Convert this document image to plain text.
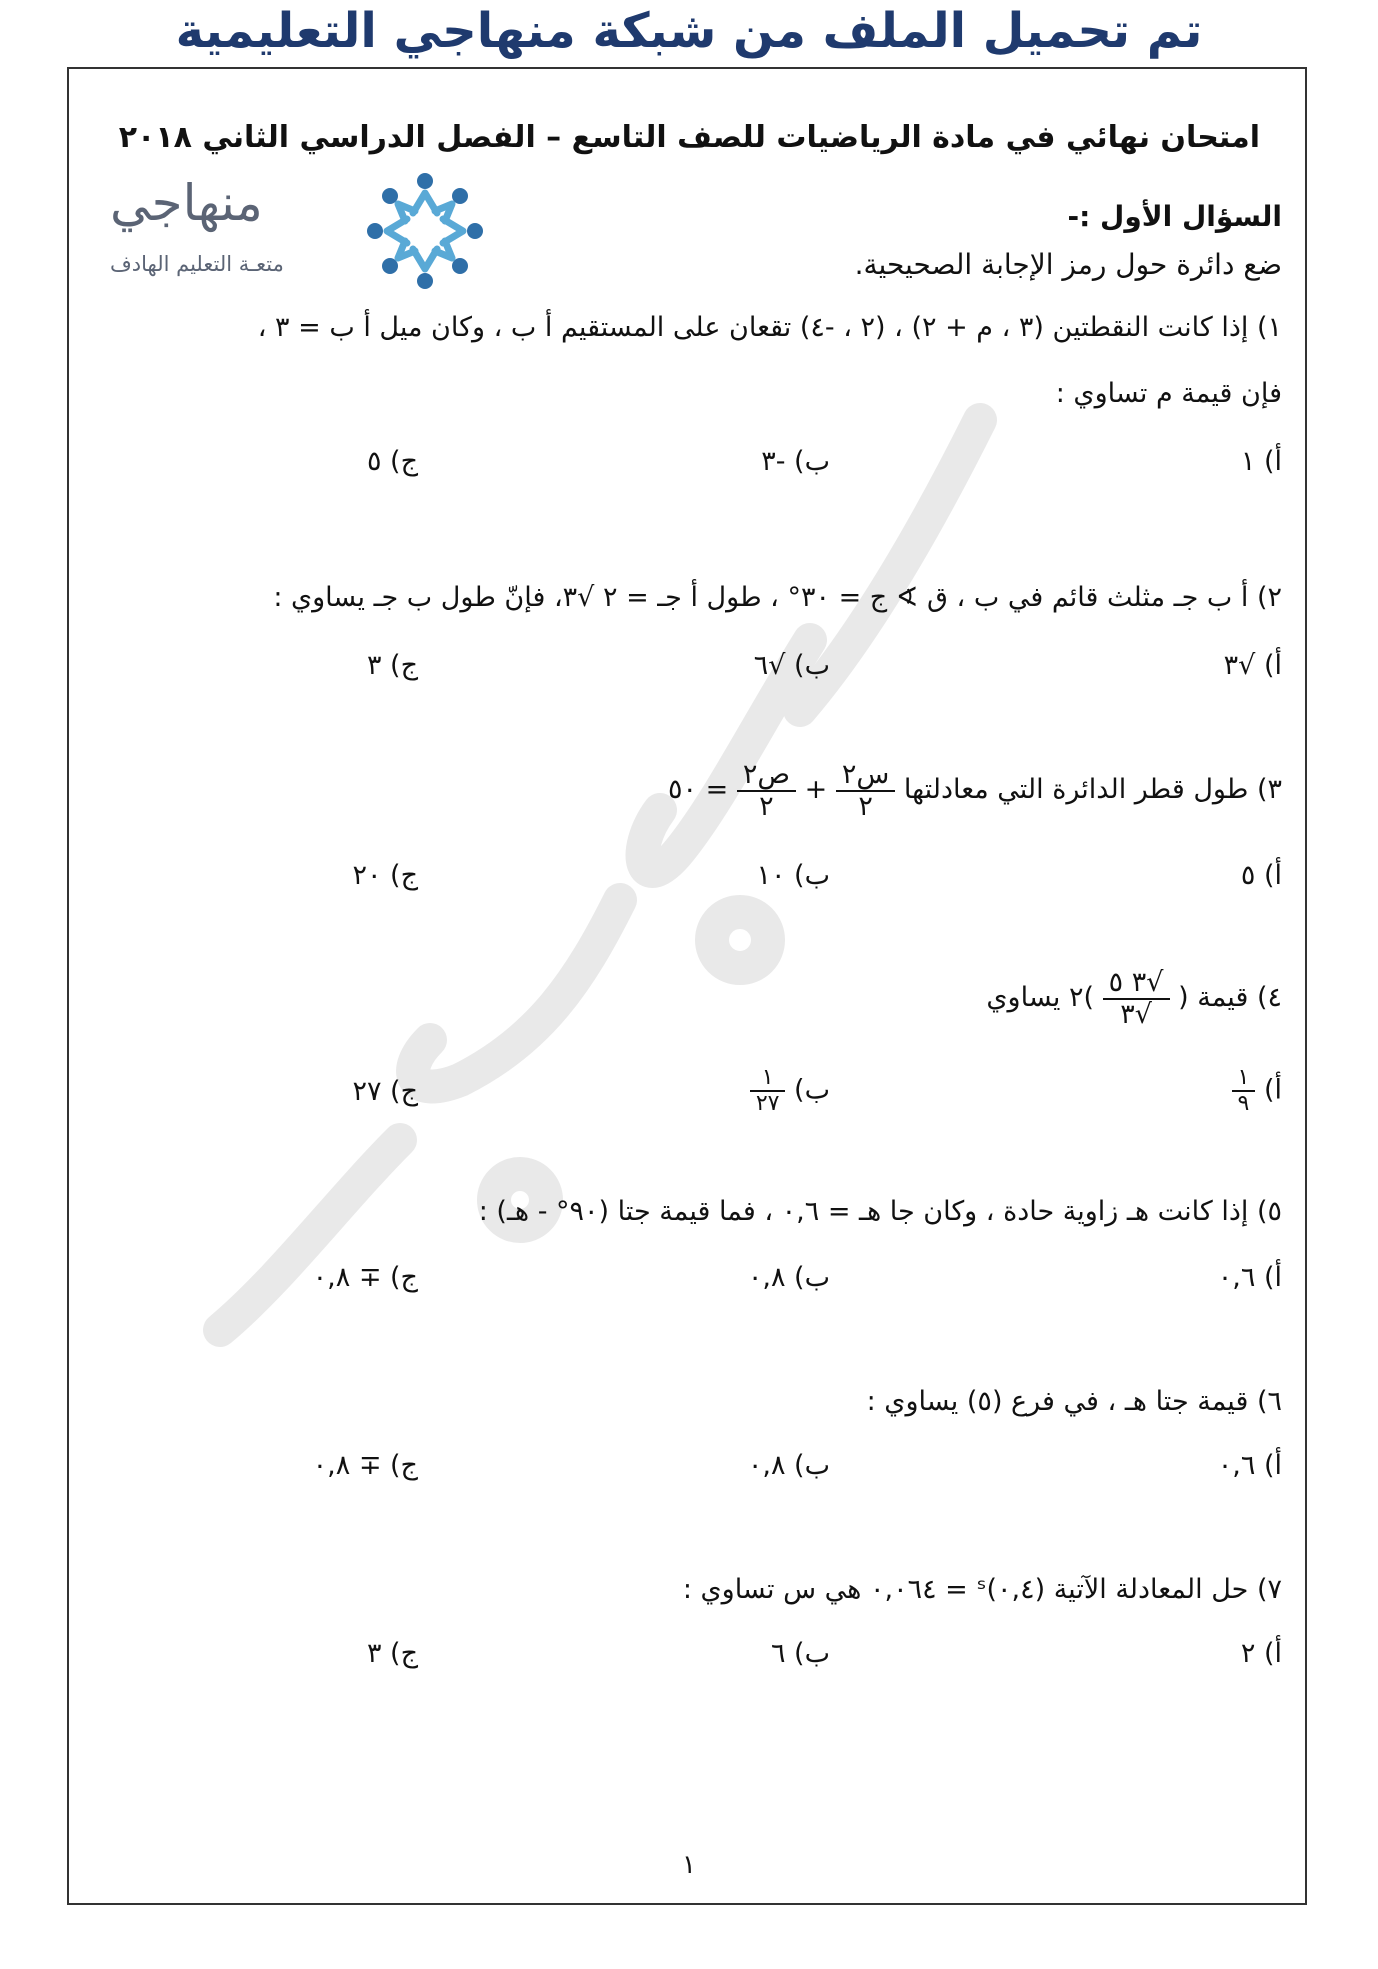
تم تحميل الملف من شبكة منهاجي التعليمية
امتحان نهائي في مادة الرياضيات للصف التاسع – الفصل الدراسي الثاني ٢٠١٨
منهاجي
متعـة التعليم الهادف
السؤال الأول :-
ضع دائرة حول رمز الإجابة الصحيحية.
١) إذا كانت النقطتين (٣ ، م + ٢) ، (٢ ، -٤) تقعان على المستقيم أ ب ، وكان ميل أ ب = ٣ ،
فإن قيمة م تساوي :
أ) ١
ب) -٣
ج) ٥
٢) أ ب جـ مثلث قائم في ب ، ق ∢ ج = ٣٠° ، طول أ جـ = ٢ √٣، فإنّ طول ب جـ يساوي :
أ) √٣
ب) √٦
ج) ٣
٣) طول قطر الدائرة التي معادلتها
$\frac{\text{س٢}}{٢}$
+
$\frac{\text{ص٢}}{٢}$
= ٥٠
أ) ٥
ب) ١٠
ج) ٢٠
٤) قيمة (
$\frac{√٣ ٥}{√٣}$
)٢ يساوي
أ)
$\frac{١}{٩}$
ب)
$\frac{١}{٢٧}$
ج) ٢٧
٥) إذا كانت هـ زاوية حادة ، وكان جا هـ = ٠,٦ ، فما قيمة جتا (٩٠° - هـ) :
أ) ٠,٦
ب) ٠,٨
ج) ∓ ٠,٨
٦) قيمة جتا هـ ، في فرع (٥) يساوي :
أ) ٠,٦
ب) ٠,٨
ج) ∓ ٠,٨
٧) حل المعادلة الآتية (٠,٤)ˢ = ٠,٠٦٤ هي س تساوي :
أ) ٢
ب) ٦
ج) ٣
١
